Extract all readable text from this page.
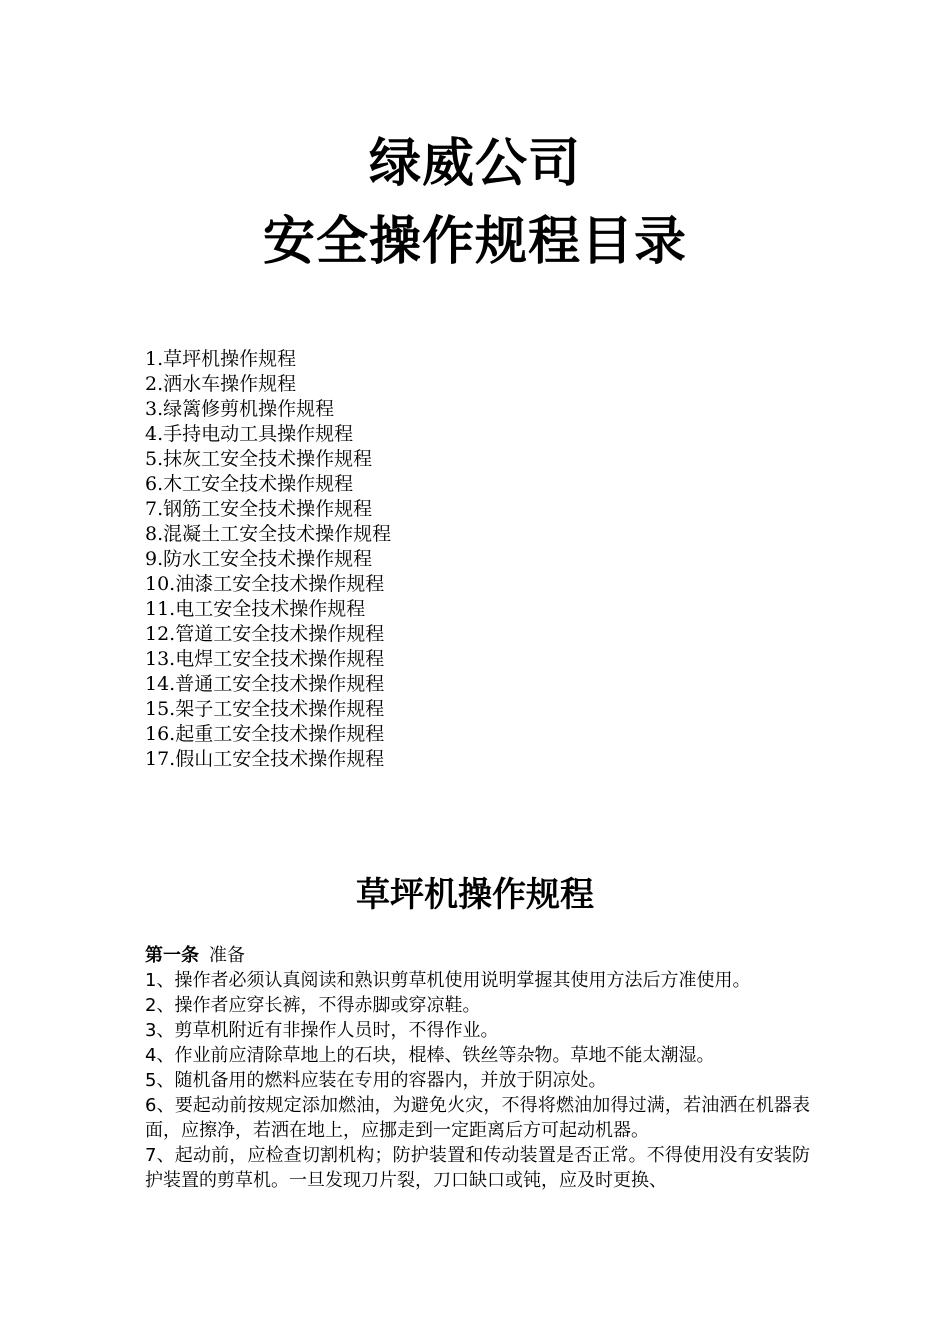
绿威公司
安全操作规程目录
1.草坪机操作规程
2.洒水车操作规程
3.绿篱修剪机操作规程
4.手持电动工具操作规程
5.抹灰工安全技术操作规程
6.木工安全技术操作规程
7.钢筋工安全技术操作规程
8.混凝土工安全技术操作规程
9.防水工安全技术操作规程
10.油漆工安全技术操作规程
11.电工安全技术操作规程
12.管道工安全技术操作规程
13.电焊工安全技术操作规程
14.普通工安全技术操作规程
15.架子工安全技术操作规程
16.起重工安全技术操作规程
17.假山工安全技术操作规程
草坪机操作规程
第一条 准备

1、操作者必须认真阅读和熟识剪草机使用说明掌握其使用方法后方准使用。

2、操作者应穿长裤，不得赤脚或穿凉鞋。

3、剪草机附近有非操作人员时，不得作业。

4、作业前应清除草地上的石块，棍棒、铁丝等杂物。草地不能太潮湿。

5、随机备用的燃料应装在专用的容器内，并放于阴凉处。

6、要起动前按规定添加燃油，为避免火灾，不得将燃油加得过满，若油洒在机器表面，应擦净，若洒在地上，应挪走到一定距离后方可起动机器。

7、起动前，应检查切割机构；防护装置和传动装置是否正常。不得使用没有安装防护装置的剪草机。一旦发现刀片裂，刀口缺口或钝，应及时更换、
